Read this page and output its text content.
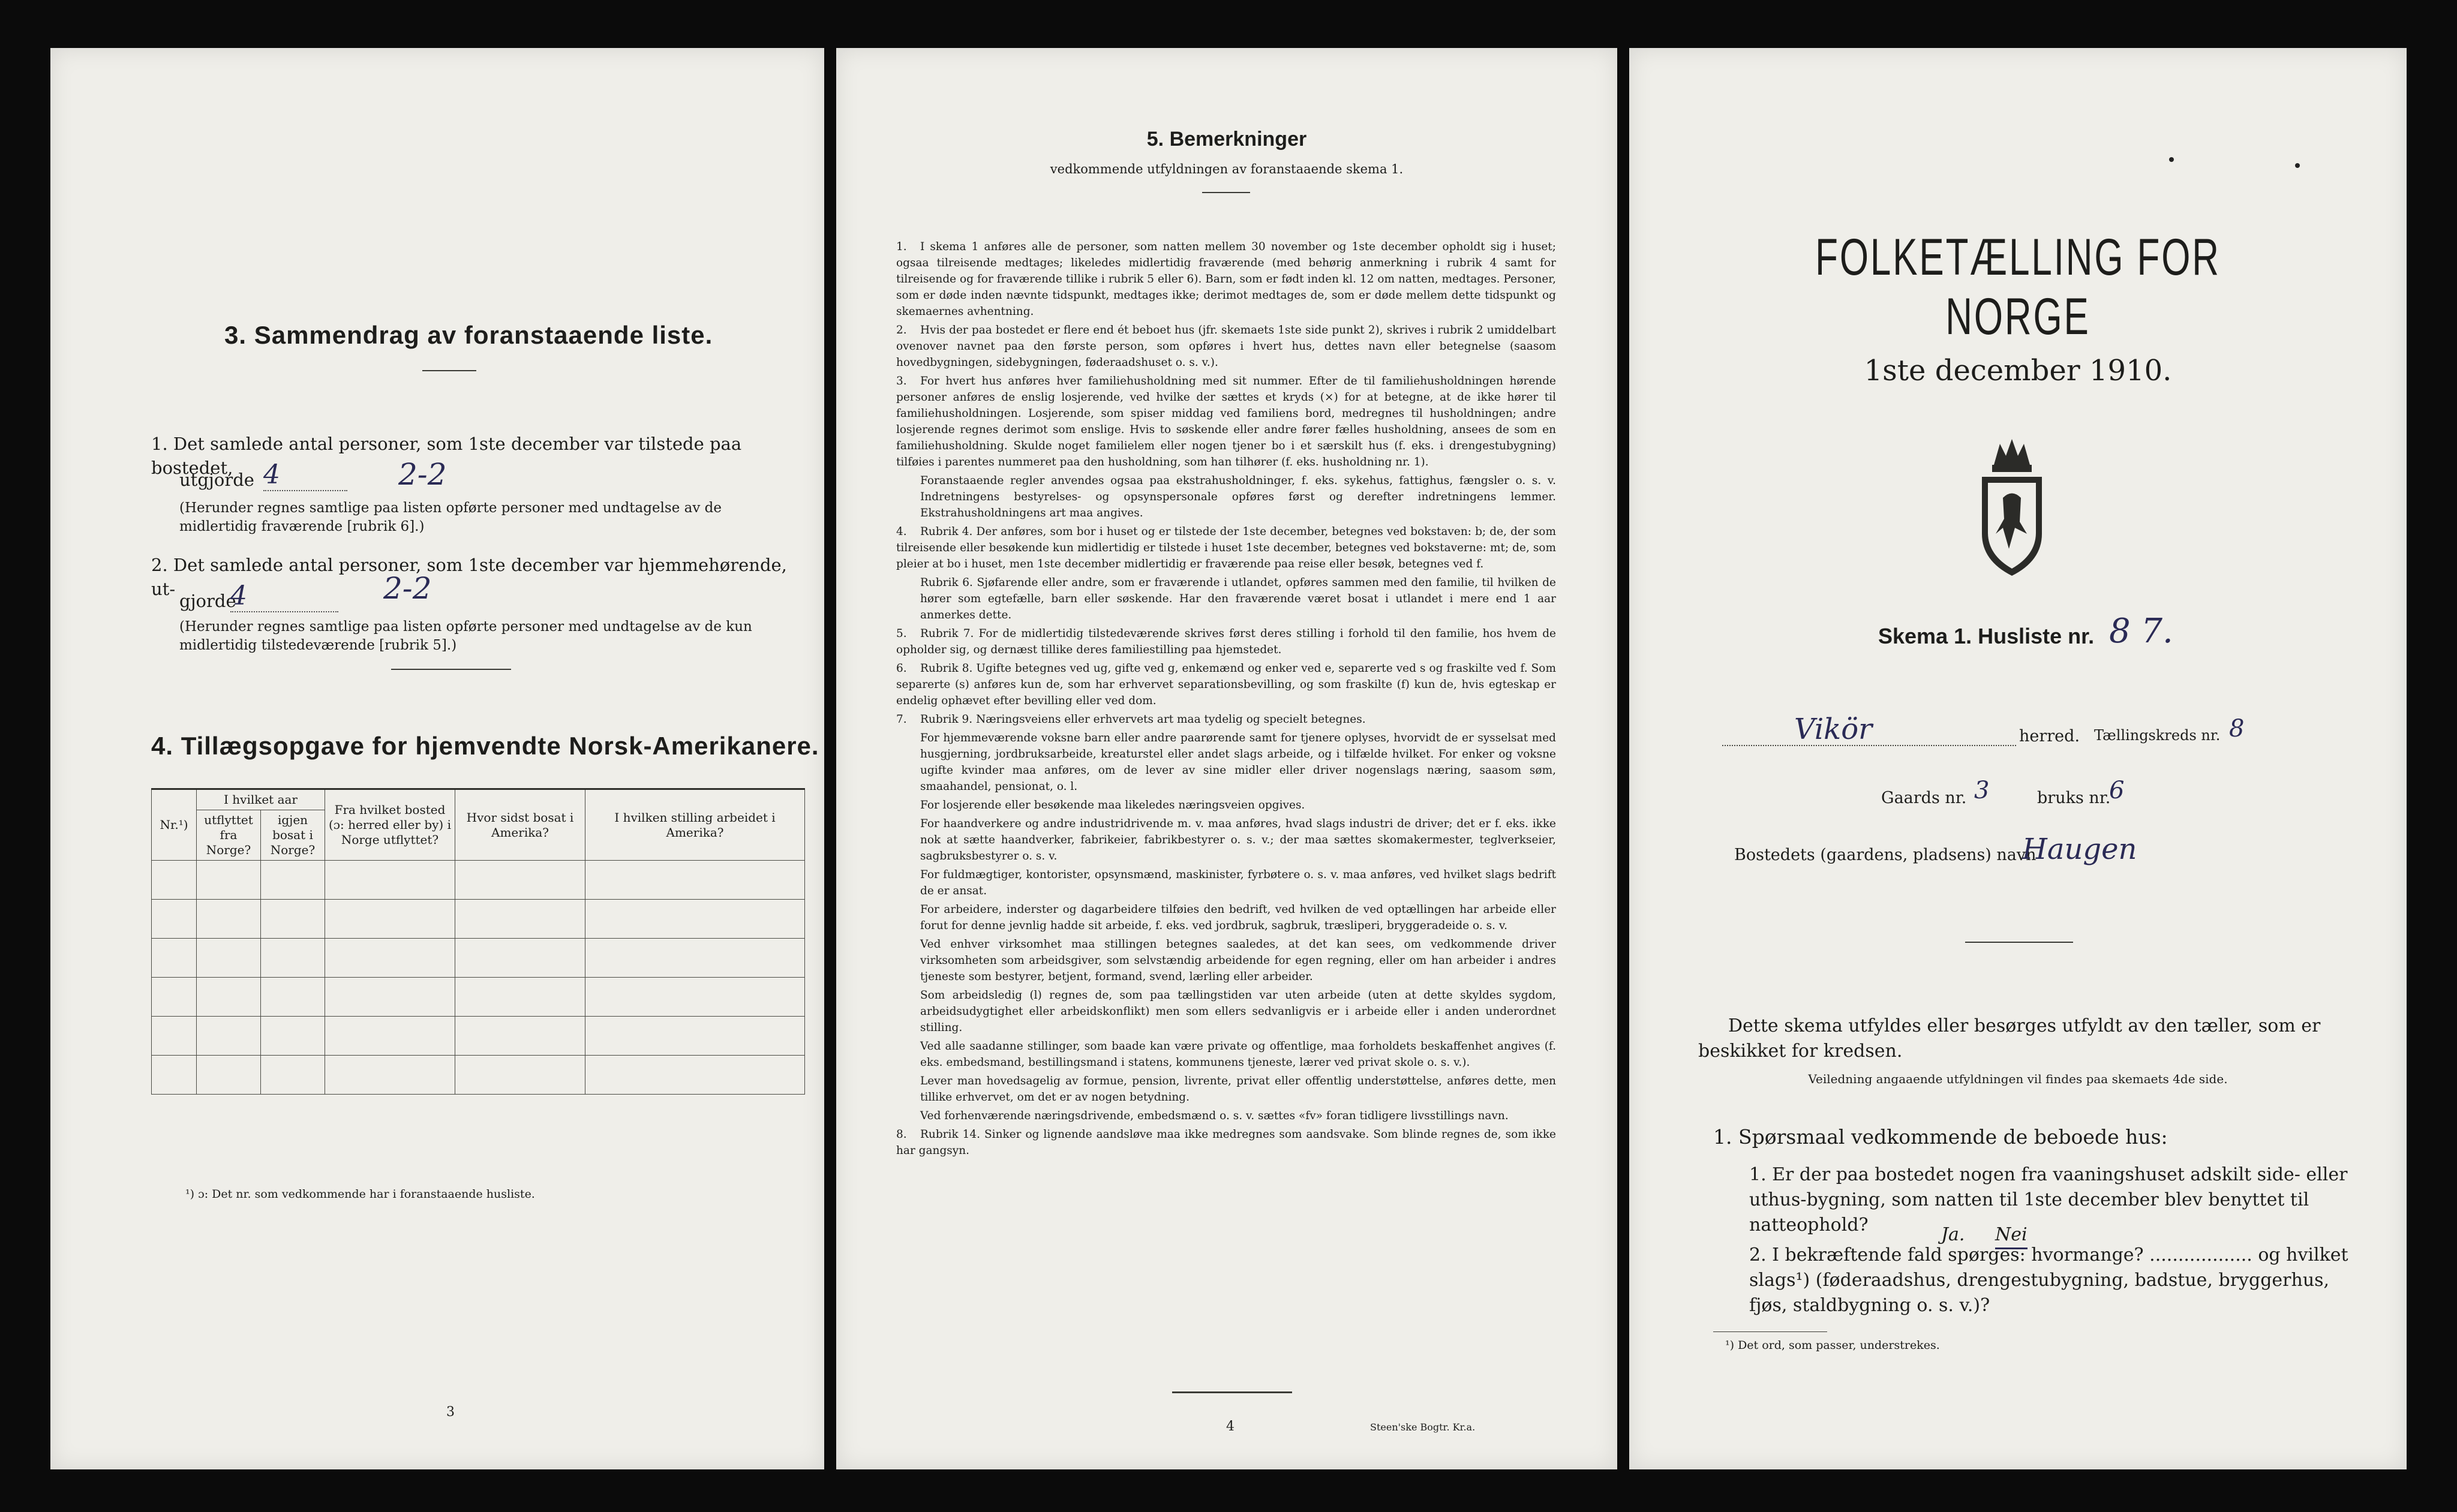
3. Sammendrag av foranstaaende liste.
1. Det samlede antal personer, som 1ste december var tilstede paa bostedet,
utgjorde 4	2-2
(Herunder regnes samtlige paa listen opførte personer med undtagelse av de midlertidig fraværende [rubrik 6].)
2. Det samlede antal personer, som 1ste december var hjemmehørende, ut-
gjorde
4	2-2
(Herunder regnes samtlige paa listen opførte personer med undtagelse av de kun midlertidig tilstedeværende [rubrik 5].)
4. Tillægsopgave for hjemvendte Norsk-Amerikanere.
Nr.¹)	I hvilket aar		Fra hvilket bosted (ɔ: herred eller by) i Norge utflyttet?	Hvor sidst bosat i Amerika?	I hvilken stilling arbeidet i Amerika?
	utflyttet fra Norge?	igjen bosat i Norge?			

¹) ɔ: Det nr. som vedkommende har i foranstaaende husliste.
3
5. Bemerkninger
vedkommende utfyldningen av foranstaaende skema 1.

1. I skema 1 anføres alle de personer, som natten mellem 30 november og 1ste december opholdt sig i huset; ogsaa tilreisende medtages; likeledes midlertidig fraværende (med behørig anmerkning i rubrik 4 samt for tilreisende og for fraværende tillike i rubrik 5 eller 6). Barn, som er født inden kl. 12 om natten, medtages. Personer, som er døde inden nævnte tidspunkt, medtages ikke; derimot medtages de, som er døde mellem dette tidspunkt og skemaernes avhentning.

2. Hvis der paa bostedet er flere end ét beboet hus (jfr. skemaets 1ste side punkt 2), skrives i rubrik 2 umiddelbart ovenover navnet paa den første person, som opføres i hvert hus, dettes navn eller betegnelse (saasom hovedbygningen, sidebygningen, føderaadshuset o. s. v.).

3. For hvert hus anføres hver familiehusholdning med sit nummer. Efter de til familiehusholdningen hørende personer anføres de enslig losjerende, ved hvilke der sættes et kryds (×) for at betegne, at de ikke hører til familiehusholdningen. Losjerende, som spiser middag ved familiens bord, medregnes til husholdningen; andre losjerende regnes derimot som enslige. Hvis to søskende eller andre fører fælles husholdning, ansees de som en familiehusholdning. Skulde noget familielem eller nogen tjener bo i et særskilt hus (f. eks. i drengestubygning) tilføies i parentes nummeret paa den husholdning, som han tilhører (f. eks. husholdning nr. 1).

Foranstaaende regler anvendes ogsaa paa ekstrahusholdninger, f. eks. sykehus, fattighus, fængsler o. s. v. Indretningens bestyrelses- og opsynspersonale opføres først og derefter indretningens lemmer. Ekstrahusholdningens art maa angives.

4. Rubrik 4. Der anføres, som bor i huset og er tilstede der 1ste december, betegnes ved bokstaven: b; de, der som tilreisende eller besøkende kun midlertidig er tilstede i huset 1ste december, betegnes ved bokstaverne: mt; de, som pleier at bo i huset, men 1ste december midlertidig er fraværende paa reise eller besøk, betegnes ved f.

Rubrik 6. Sjøfarende eller andre, som er fraværende i utlandet, opføres sammen med den familie, til hvilken de hører som egtefælle, barn eller søskende. Har den fraværende været bosat i utlandet i mere end 1 aar anmerkes dette.

5. Rubrik 7. For de midlertidig tilstedeværende skrives først deres stilling i forhold til den familie, hos hvem de opholder sig, og dernæst tillike deres familiestilling paa hjemstedet.

6. Rubrik 8. Ugifte betegnes ved ug, gifte ved g, enkemænd og enker ved e, separerte ved s og fraskilte ved f. Som separerte (s) anføres kun de, som har erhvervet separationsbevilling, og som fraskilte (f) kun de, hvis egteskap er endelig ophævet efter bevilling eller ved dom.

7. Rubrik 9. Næringsveiens eller erhvervets art maa tydelig og specielt betegnes.

For hjemmeværende voksne barn eller andre paarørende samt for tjenere oplyses, hvorvidt de er sysselsat med husgjerning, jordbruksarbeide, kreaturstel eller andet slags arbeide, og i tilfælde hvilket. For enker og voksne ugifte kvinder maa anføres, om de lever av sine midler eller driver nogenslags næring, saasom søm, smaahandel, pensionat, o. l.

For losjerende eller besøkende maa likeledes næringsveien opgives.

For haandverkere og andre industridrivende m. v. maa anføres, hvad slags industri de driver; det er f. eks. ikke nok at sætte haandverker, fabrikeier, fabrikbestyrer o. s. v.; der maa sættes skomakermester, teglverkseier, sagbruksbestyrer o. s. v.

For fuldmægtiger, kontorister, opsynsmænd, maskinister, fyrbøtere o. s. v. maa anføres, ved hvilket slags bedrift de er ansat.

For arbeidere, inderster og dagarbeidere tilføies den bedrift, ved hvilken de ved optællingen har arbeide eller forut for denne jevnlig hadde sit arbeide, f. eks. ved jordbruk, sagbruk, træsliperi, bryggeradeide o. s. v.

Ved enhver virksomhet maa stillingen betegnes saaledes, at det kan sees, om vedkommende driver virksomheten som arbeidsgiver, som selvstændig arbeidende for egen regning, eller om han arbeider i andres tjeneste som bestyrer, betjent, formand, svend, lærling eller arbeider.

Som arbeidsledig (l) regnes de, som paa tællingstiden var uten arbeide (uten at dette skyldes sygdom, arbeidsudygtighet eller arbeidskonflikt) men som ellers sedvanligvis er i arbeide eller i anden underordnet stilling.

Ved alle saadanne stillinger, som baade kan være private og offentlige, maa forholdets beskaffenhet angives (f. eks. embedsmand, bestillingsmand i statens, kommunens tjeneste, lærer ved privat skole o. s. v.).

Lever man hovedsagelig av formue, pension, livrente, privat eller offentlig understøttelse, anføres dette, men tillike erhvervet, om det er av nogen betydning.

Ved forhenværende næringsdrivende, embedsmænd o. s. v. sættes «fv» foran tidligere livsstillings navn.

8. Rubrik 14. Sinker og lignende aandsløve maa ikke medregnes som aandsvake. Som blinde regnes de, som ikke har gangsyn.

4	Steen'ske Bogtr. Kr.a.
FOLKETÆLLING FOR NORGE
1ste december 1910.
Skema 1. Husliste nr. 8 7.
Vikör	herred. Tællingskreds nr. 8
Gaards nr. 3	bruks nr.
6
Bostedets (gaardens, pladsens) navn
Haugen
Dette skema utfyldes eller besørges utfyldt av den tæller, som er beskikket for kredsen.
Veiledning angaaende utfyldningen vil findes paa skemaets 4de side.
1. Spørsmaal vedkommende de beboede hus:
1. Er der paa bostedet nogen fra vaaningshuset adskilt side- eller uthus-bygning, som natten til 1ste december blev benyttet til natteophold?	Ja. Nei
2. I bekræftende fald spørges: hvormange? .................. og hvilket slags¹) (føderaadshus, drengestubygning, badstue, bryggerhus, fjøs, staldbygning o. s. v.)?
¹) Det ord, som passer, understrekes.
